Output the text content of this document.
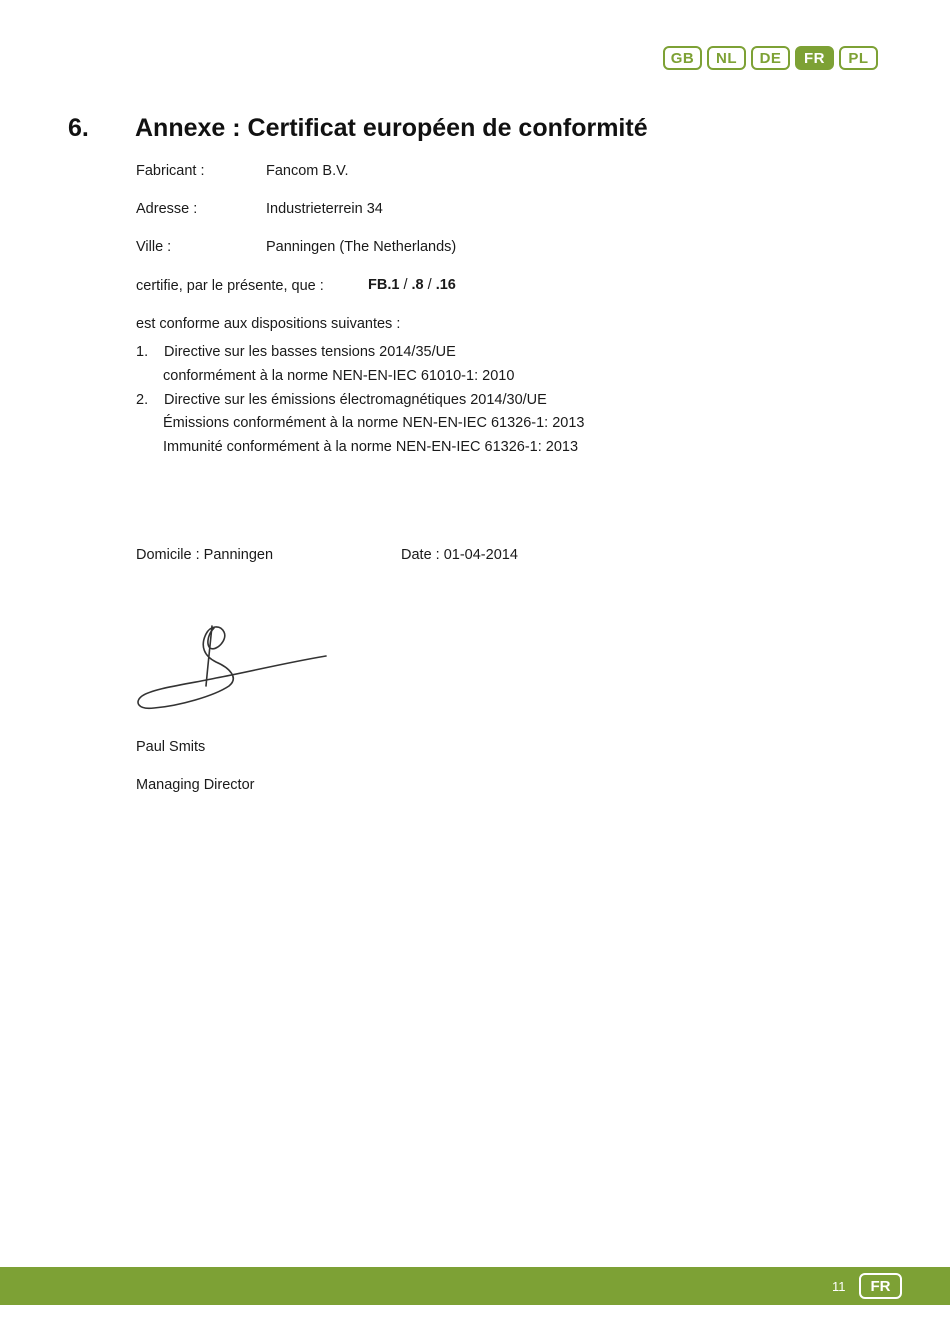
GB	NL	DE	FR	PL
6. Annexe : Certificat européen de conformité
Fabricant :	Fancom B.V.
Adresse :	Industrieterrein 34
Ville :	Panningen (The Netherlands)
certifie, par le présente, que :	FB.1 / .8 / .16
est conforme aux dispositions suivantes :
1. Directive sur les basses tensions 2014/35/UE
conformément à la norme NEN-EN-IEC 61010-1: 2010
2. Directive sur les émissions électromagnétiques 2014/30/UE
Émissions conformément à la norme NEN-EN-IEC 61326-1: 2013
Immunité conformément à la norme NEN-EN-IEC 61326-1: 2013
Domicile : Panningen	Date : 01-04-2014
Paul Smits
Managing Director
11	FR
